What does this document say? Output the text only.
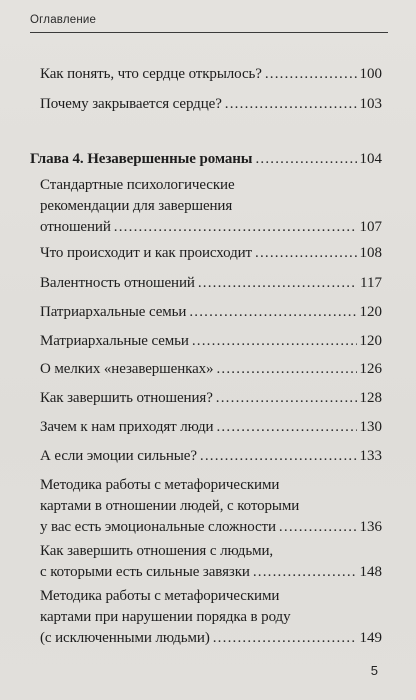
Оглавление
Как понять, что сердце открылось? .....	100
Почему закрывается сердце? .....	103
Глава 4. Незавершенные романы .....	104
Стандартные психологические
рекомендации для завершения
отношений .....	107
Что происходит и как происходит .....	108
Валентность отношений .....	117
Патриархальные семьи .....	120
Матриархальные семьи .....	120
О мелких «незавершенках» .....	126
Как завершить отношения? .....	128
Зачем к нам приходят люди .....	130
А если эмоции сильные? .....	133
Методика работы с метафорическими
картами в отношении людей, с которыми
у вас есть эмоциональные сложности .....	136
Как завершить отношения с людьми,
с которыми есть сильные завязки .....	148
Методика работы с метафорическими
картами при нарушении порядка в роду
(с исключенными людьми) .....	149
5
